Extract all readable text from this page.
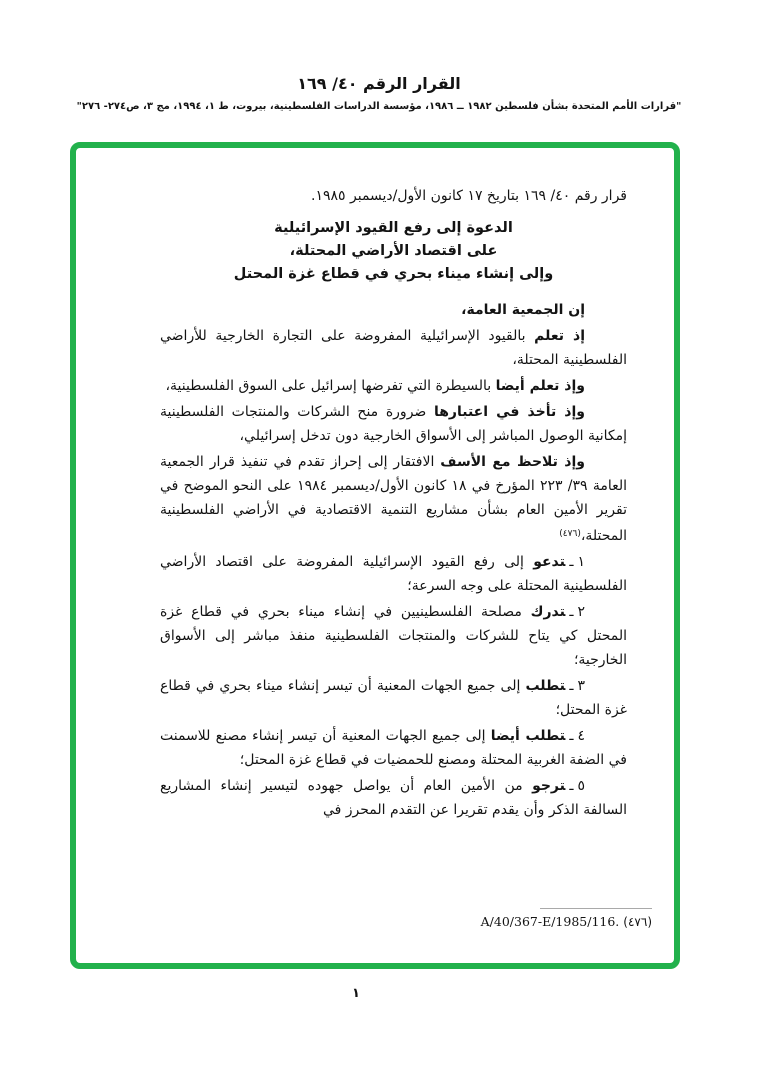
القرار الرقم ٤٠/ ١٦٩
"قرارات الأمم المتحدة بشأن فلسطين ١٩٨٢ ــ ١٩٨٦، مؤسسة الدراسات الفلسطينية، بيروت، ط ١، ١٩٩٤، مج ٣، ص٢٧٤- ٢٧٦"

قرار رقم ٤٠/ ١٦٩ بتاريخ ١٧ كانون الأول/ديسمبر ١٩٨٥.

الدعوة إلى رفع القيود الإسرائيلية
على اقتصاد الأراضي المحتلة،
وإلى إنشاء ميناء بحري في قطاع غزة المحتل

إن الجمعية العامة،

إذ تعلم بالقيود الإسرائيلية المفروضة على التجارة الخارجية للأراضي الفلسطينية المحتلة،

وإذ تعلم أيضا بالسيطرة التي تفرضها إسرائيل على السوق الفلسطينية،

وإذ تأخذ في اعتبارها ضرورة منح الشركات والمنتجات الفلسطينية إمكانية الوصول المباشر إلى الأسواق الخارجية دون تدخل إسرائيلي،

وإذ تلاحظ مع الأسف الافتقار إلى إحراز تقدم في تنفيذ قرار الجمعية العامة ٣٩/ ٢٢٣ المؤرخ في ١٨ كانون الأول/ديسمبر ١٩٨٤ على النحو الموضح في تقرير الأمين العام بشأن مشاريع التنمية الاقتصادية في الأراضي الفلسطينية المحتلة،$^{(٤٧٦)}$

١ـتدعو إلى رفع القيود الإسرائيلية المفروضة على اقتصاد الأراضي الفلسطينية المحتلة على وجه السرعة؛

٢ـتدرك مصلحة الفلسطينيين في إنشاء ميناء بحري في قطاع غزة المحتل كي يتاح للشركات والمنتجات الفلسطينية منفذ مباشر إلى الأسواق الخارجية؛

٣ـتطلب إلى جميع الجهات المعنية أن تيسر إنشاء ميناء بحري في قطاع غزة المحتل؛

٤ـتطلب أيضا إلى جميع الجهات المعنية أن تيسر إنشاء مصنع للاسمنت في الضفة الغربية المحتلة ومصنع للحمضيات في قطاع غزة المحتل؛

٥ـترجو من الأمين العام أن يواصل جهوده لتيسير إنشاء المشاريع السالفة الذكر وأن يقدم تقريرا عن التقدم المحرز في

A/40/367-E/1985/116. (٤٧٦)
١
